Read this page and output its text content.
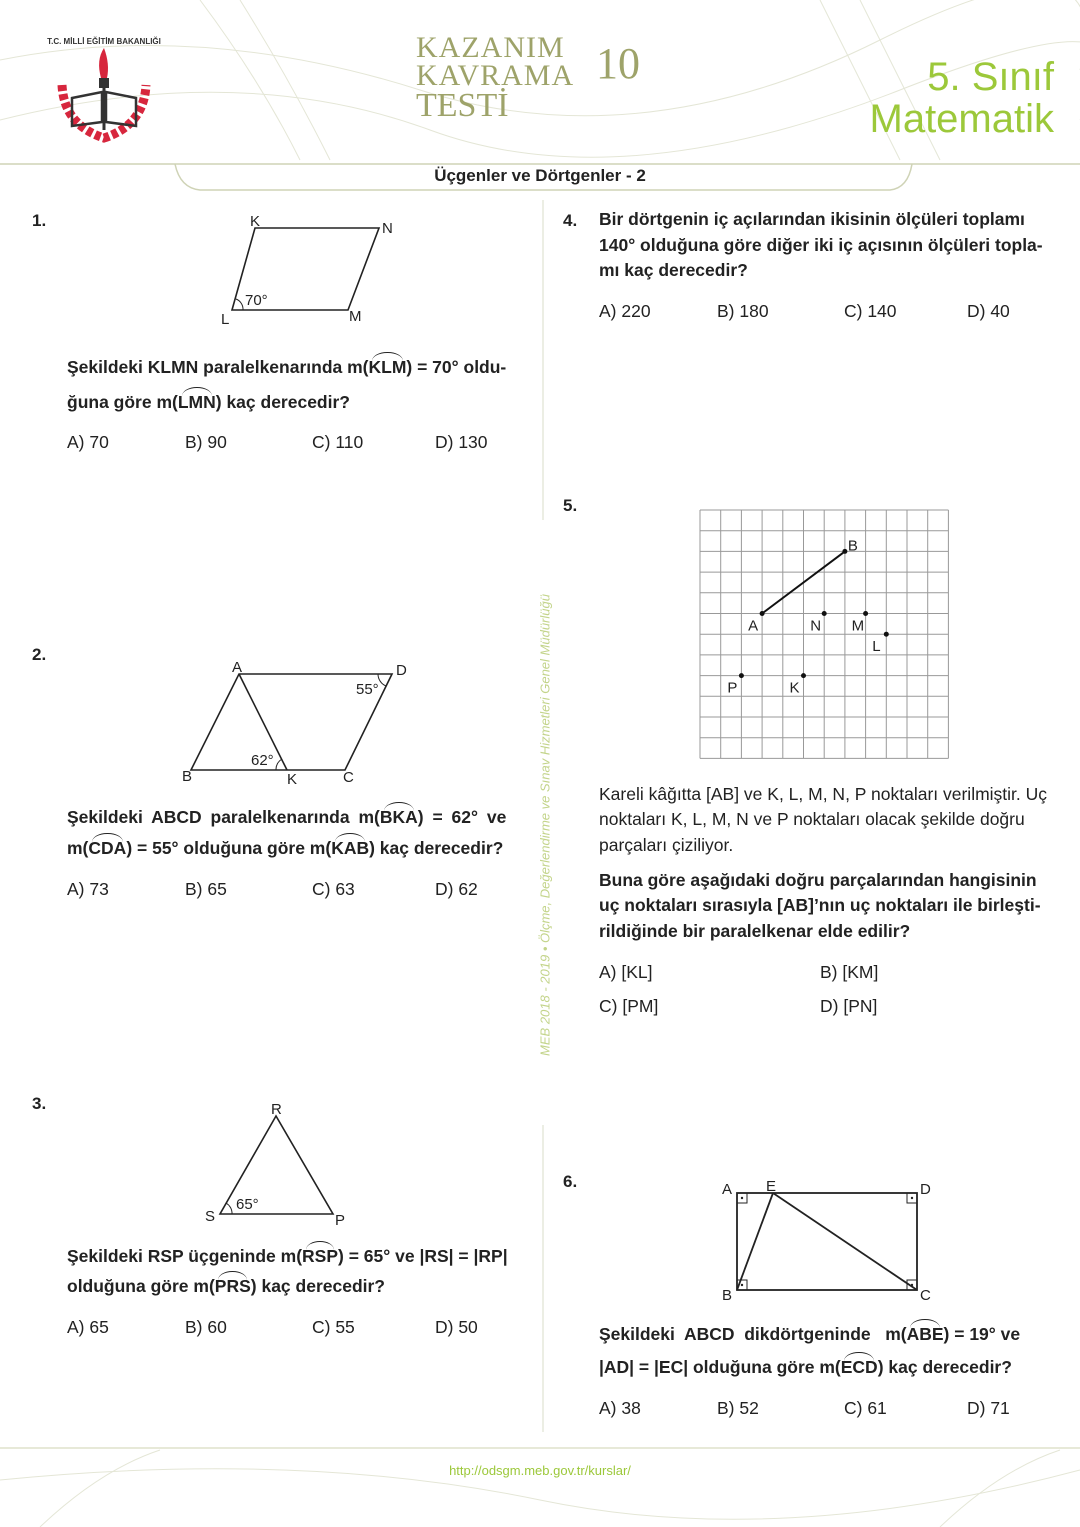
T.C. MİLLİ EĞİTİM BAKANLIĞI	KAZANIM
KAVRAMA
TESTİ
10	5. Sınıf
Matematik
Üçgenler ve Dörtgenler - 2
MEB 2018 - 2019 • Ölçme, Değerlendirme ve Sınav Hizmetleri Genel Müdürlüğü
1.	K	N
L	M
70°
Şekildeki KLMN paralelkenarında m(KLM) = 70° oldu-
ğuna göre m(LMN) kaç derecedir?
A) 70	B) 90	C) 110	D) 130
2.
A	D
B	K	C
55°
62°
Şekildeki ABCD paralelkenarında m(BKA) = 62° ve
m(CDA) = 55° olduğuna göre m(KAB) kaç derecedir?
A) 73	B) 65	C) 63	D) 62
3.	R
S	P
65°
Şekildeki RSP üçgeninde m(RSP) = 65° ve |RS| = |RP|
olduğuna göre m(PRS) kaç derecedir?
A) 65	B) 60	C) 55	D) 50
4. Bir dörtgenin iç açılarından ikisinin ölçüleri toplamı
140° olduğuna göre diğer iki iç açısının ölçüleri topla-
mı kaç derecedir?
A) 220	B) 180	C) 140	D) 40
5.
A
B
N M
L
P	K
Kareli kâğıtta [AB] ve K, L, M, N, P noktaları verilmiştir. Uç
noktaları K, L, M, N ve P noktaları olacak şekilde doğru
parçaları çiziliyor.
Buna göre aşağıdaki doğru parçalarından hangisinin
uç noktaları sırasıyla [AB]’nın uç noktaları ile birleşti-
rildiğinde bir paralelkenar elde edilir?
A) [KL]	B) [KM]
C) [PM]	D) [PN]
6.	A E	D
B	C
Şekildeki  ABCD  dikdörtgeninde   m(ABE) = 19° ve
|AD| = |EC| olduğuna göre m(ECD) kaç derecedir?
A) 38	B) 52	C) 61	D) 71
http://odsgm.meb.gov.tr/kurslar/
